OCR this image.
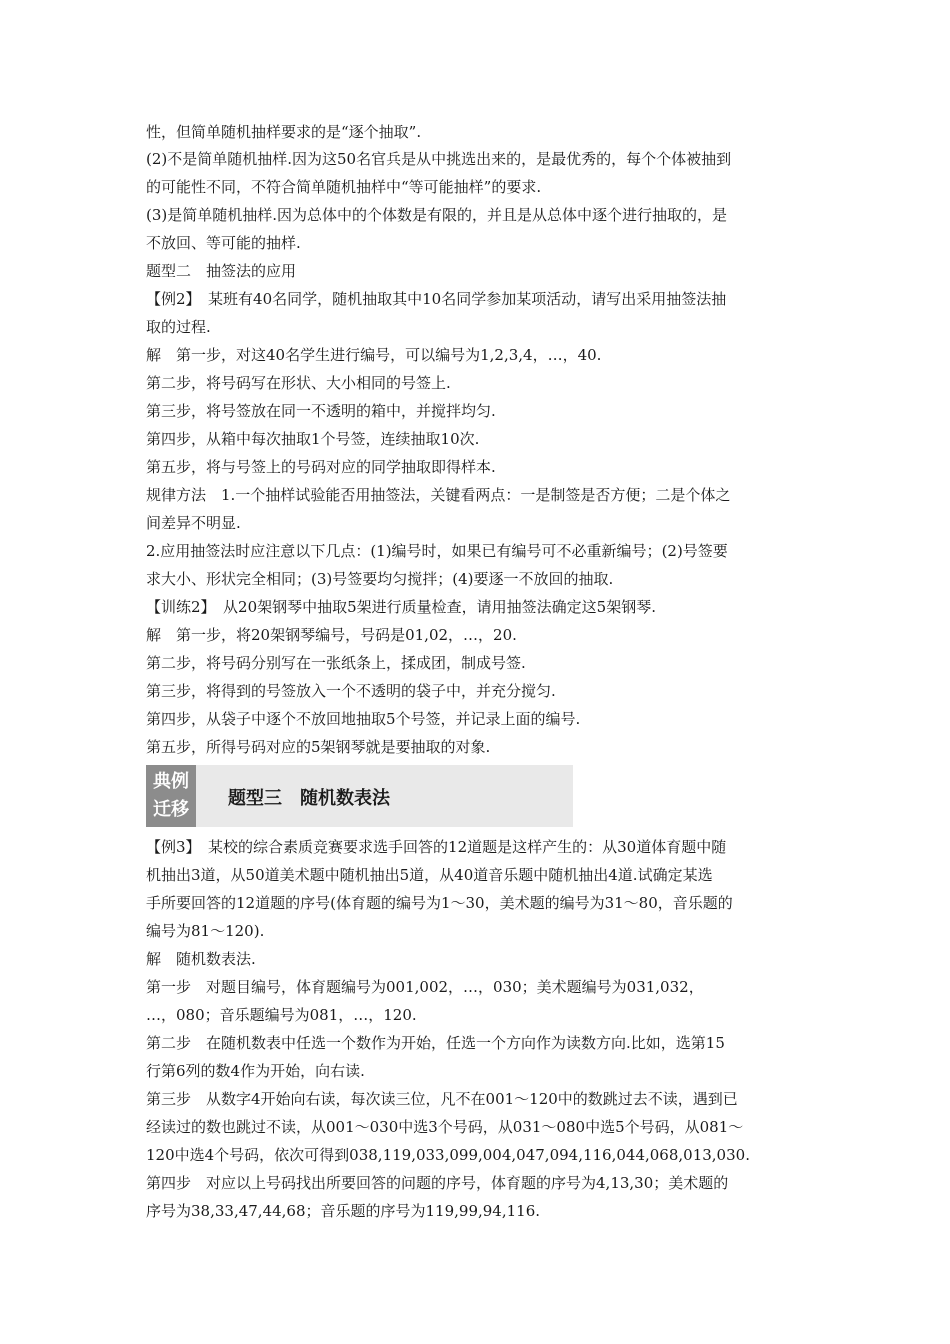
性，但简单随机抽样要求的是“逐个抽取”.
(2)不是简单随机抽样.因为这50名官兵是从中挑选出来的，是最优秀的，每个个体被抽到
的可能性不同，不符合简单随机抽样中“等可能抽样”的要求.
(3)是简单随机抽样.因为总体中的个体数是有限的，并且是从总体中逐个进行抽取的，是
不放回、等可能的抽样.
题型二　抽签法的应用
【例2】　某班有40名同学，随机抽取其中10名同学参加某项活动，请写出采用抽签法抽
取的过程.
解　第一步，对这40名学生进行编号，可以编号为1,2,3,4，…，40.
第二步，将号码写在形状、大小相同的号签上.
第三步，将号签放在同一不透明的箱中，并搅拌均匀.
第四步，从箱中每次抽取1个号签，连续抽取10次.
第五步，将与号签上的号码对应的同学抽取即得样本.
规律方法　1.一个抽样试验能否用抽签法，关键看两点：一是制签是否方便；二是个体之
间差异不明显.
2.应用抽签法时应注意以下几点：(1)编号时，如果已有编号可不必重新编号；(2)号签要
求大小、形状完全相同；(3)号签要均匀搅拌；(4)要逐一不放回的抽取.
【训练2】　从20架钢琴中抽取5架进行质量检查，请用抽签法确定这5架钢琴.
解　第一步，将20架钢琴编号，号码是01,02，…，20.
第二步，将号码分别写在一张纸条上，揉成团，制成号签.
第三步，将得到的号签放入一个不透明的袋子中，并充分搅匀.
第四步，从袋子中逐个不放回地抽取5个号签，并记录上面的编号.
第五步，所得号码对应的5架钢琴就是要抽取的对象.
典例
迁移
题型三　随机数表法
【例3】　某校的综合素质竞赛要求选手回答的12道题是这样产生的：从30道体育题中随
机抽出3道，从50道美术题中随机抽出5道，从40道音乐题中随机抽出4道.试确定某选
手所要回答的12道题的序号(体育题的编号为1～30，美术题的编号为31～80，音乐题的
编号为81～120).
解　随机数表法.
第一步　对题目编号，体育题编号为001,002，…，030；美术题编号为031,032，
…，080；音乐题编号为081，…，120.
第二步　在随机数表中任选一个数作为开始，任选一个方向作为读数方向.比如，选第15
行第6列的数4作为开始，向右读.
第三步　从数字4开始向右读，每次读三位，凡不在001～120中的数跳过去不读，遇到已
经读过的数也跳过不读，从001～030中选3个号码，从031～080中选5个号码，从081～
120中选4个号码，依次可得到038,119,033,099,004,047,094,116,044,068,013,030.
第四步　对应以上号码找出所要回答的问题的序号，体育题的序号为4,13,30；美术题的
序号为38,33,47,44,68；音乐题的序号为119,99,94,116.
